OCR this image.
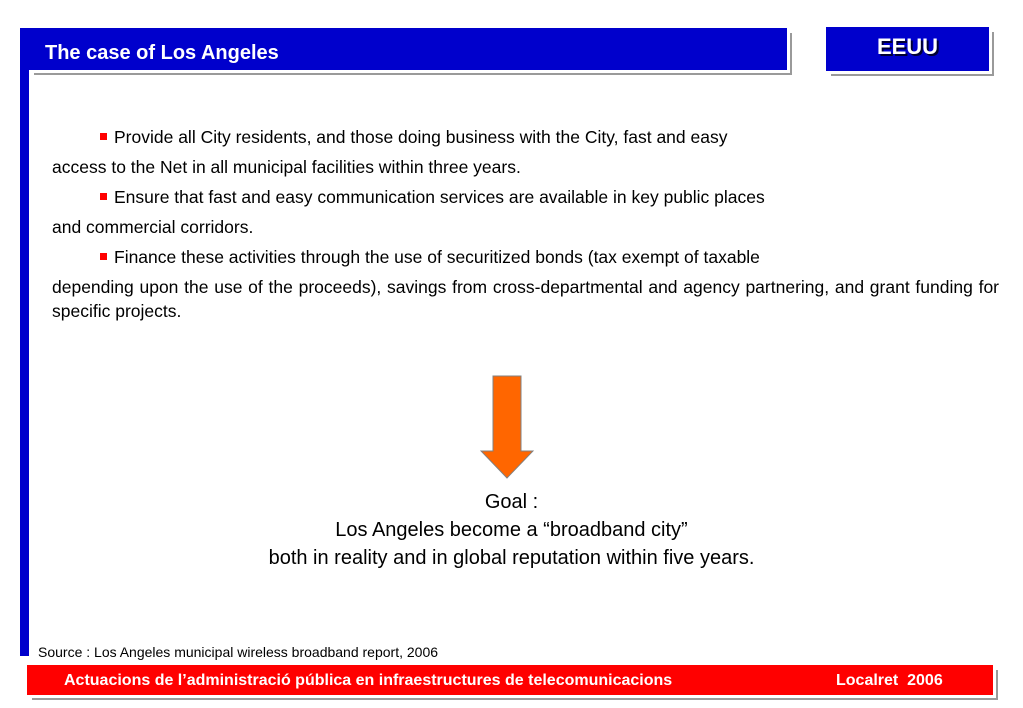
The case of Los Angeles	EEUU
Provide all City residents, and those doing business with the City, fast and easy
access to the Net in all municipal facilities within three years.
Ensure that fast and easy communication services are available in key public places
and commercial corridors.
Finance these activities through the use of securitized bonds (tax exempt of taxable
depending upon the use of the proceeds), savings from cross-departmental and agency partnering, and grant funding for specific projects.
Goal :
Los Angeles become a “broadband city”
both in reality and in global reputation within five years.
Source : Los Angeles municipal wireless broadband report, 2006
Actuacions de l’administració pública en infraestructures de telecomunicacions	Localret  2006
